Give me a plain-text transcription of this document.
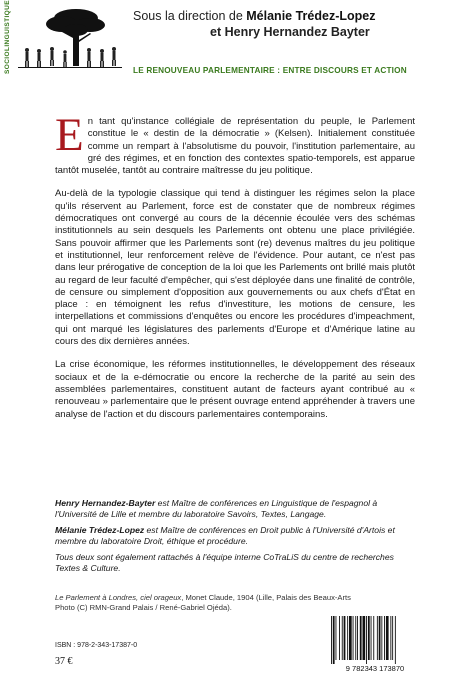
SOCIOLINGUISTIQUE	Sous la direction de Mélanie Trédez-Lopez
et Henry Hernandez Bayter
LE RENOUVEAU PARLEMENTAIRE : ENTRE DISCOURS ET ACTION

En tant qu'instance collégiale de représentation du peuple, le Parlement constitue le « destin de la démocratie » (Kelsen). Initialement constituée comme un rempart à l'absolutisme du pouvoir, l'institution parlementaire, au gré des régimes, et en fonction des contextes spatio-temporels, est apparue tantôt muselée, tantôt au contraire maîtresse du jeu politique.

Au-delà de la typologie classique qui tend à distinguer les régimes selon la place qu'ils réservent au Parlement, force est de constater que de nombreux régimes démocratiques ont convergé au cours de la décennie écoulée vers des schémas institutionnels au sein desquels les Parlements ont obtenu une place privilégiée. Sans pouvoir affirmer que les Parlements sont (re) devenus maîtres du jeu politique et institutionnel, leur renforcement relève de l'évidence. Pour autant, ce n'est pas dans leur prérogative de conception de la loi que les Parlements ont brillé mais plutôt au regard de leur faculté d'empêcher, qui s'est déployée dans une finalité de contrôle, de censure ou simplement d'opposition aux gouvernements ou aux chefs d'État en place : en témoignent les refus d'investiture, les motions de censure, les interpellations et commissions d'enquêtes ou encore les procédures d'impeachment, qui ont marqué les législatures des parlements d'Europe et d'Amérique latine au cours des dix dernières années.

La crise économique, les réformes institutionnelles, le développement des réseaux sociaux et de la e-démocratie ou encore la recherche de la parité au sein des assemblées parlementaires, constituent autant de facteurs ayant contribué au « renouveau » parlementaire que le présent ouvrage entend appréhender à travers une analyse de l'action et du discours parlementaires contemporains.

Henry Hernandez-Bayter est Maître de conférences en Linguistique de l'espagnol à l'Université de Lille et membre du laboratoire Savoirs, Textes, Langage.

Mélanie Trédez-Lopez est Maître de conférences en Droit public à l'Université d'Artois et membre du laboratoire Droit, éthique et procédure.

Tous deux sont également rattachés à l'équipe interne CoTraLiS du centre de recherches Textes & Culture.

Le Parlement à Londres, ciel orageux, Monet Claude, 1904 (Lille, Palais des Beaux-Arts
Photo (C) RMN-Grand Palais / René-Gabriel Ojéda).
ISBN : 978-2-343-17387-0
37 €
9 782343 173870
